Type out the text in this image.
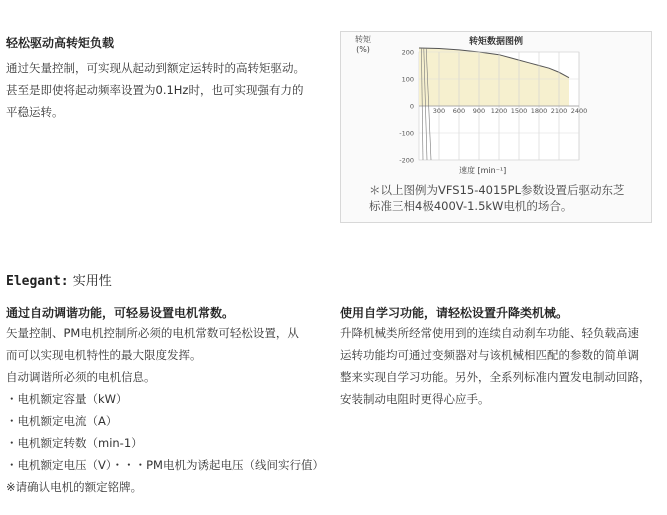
轻松驱动高转矩负载
通过矢量控制，可实现从起动到额定运转时的高转矩驱动。
甚至是即使将起动频率设置为0.1Hz时，也可实现强有力的
平稳运转。
转矩数据图例
转矩
(%)
300 600 900 1200 1500 1800 2100 2400
200
100
0
-100
-200
速度 [min⁻¹]
＊以上图例为VFS15-4015PL参数设置后驱动东芝
标准三相4极400V-1.5kW电机的场合。
Elegant: 实用性
通过自动调谐功能，可轻易设置电机常数。
矢量控制、PM电机控制所必须的电机常数可轻松设置，从
而可以实现电机特性的最大限度发挥。
自动调谐所必须的电机信息。
・电机额定容量（kW）
・电机额定电流（A）
・电机额定转数（min-1）
・电机额定电压（V）・・・PM电机为诱起电压（线间实行值）
※请确认电机的额定铭牌。
使用自学习功能，请轻松设置升降类机械。
升降机械类所经常使用到的连续自动刹车功能、轻负载高速
运转功能均可通过变频器对与该机械相匹配的参数的简单调
整来实现自学习功能。另外，全系列标准内置发电制动回路，
安装制动电阻时更得心应手。
